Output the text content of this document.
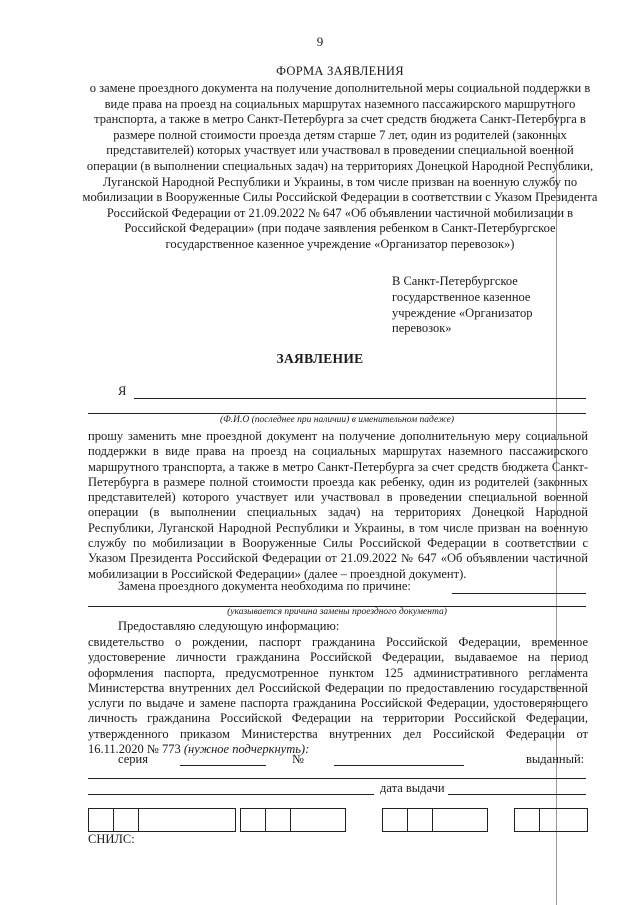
9
ФОРМА ЗАЯВЛЕНИЯ
о замене проездного документа на получение дополнительной меры социальной поддержки в виде права на проезд на социальных маршрутах наземного пассажирского маршрутного транспорта, а также в метро Санкт-Петербурга за счет средств бюджета Санкт-Петербурга в размере полной стоимости проезда детям старше 7 лет, один из родителей (законных представителей) которых участвует или участвовал в проведении специальной военной операции (в выполнении специальных задач) на территориях Донецкой Народной Республики, Луганской Народной Республики и Украины, в том числе призван на военную службу по мобилизации в Вооруженные Силы Российской Федерации в соответствии с Указом Президента Российской Федерации от 21.09.2022 № 647 «Об объявлении частичной мобилизации в Российской Федерации» (при подаче заявления ребенком в Санкт-Петербургское государственное казенное учреждение «Организатор перевозок»)
В Санкт-Петербургское государственное казенное учреждение «Организатор перевозок»
ЗАЯВЛЕНИЕ
Я
(Ф.И.О (последнее при наличии) в именительном падеже)
прошу заменить мне проездной документ на получение дополнительную меру социальной поддержки в виде права на проезд на социальных маршрутах наземного пассажирского маршрутного транспорта, а также в метро Санкт-Петербурга за счет средств бюджета Санкт-Петербурга в размере полной стоимости проезда как ребенку, один из родителей (законных представителей) которого участвует или участвовал в проведении специальной военной операции (в выполнении специальных задач) на территориях Донецкой Народной Республики, Луганской Народной Республики и Украины, в том числе призван на военную службу по мобилизации в Вооруженные Силы Российской Федерации в соответствии с Указом Президента Российской Федерации от 21.09.2022 № 647 «Об объявлении частичной мобилизации в Российской Федерации» (далее – проездной документ).
Замена проездного документа необходима по причине:
(указывается причина замены проездного документа)
Предоставляю следующую информацию:
свидетельство о рождении, паспорт гражданина Российской Федерации, временное удостоверение личности гражданина Российской Федерации, выдаваемое на период оформления паспорта, предусмотренное пунктом 125 административного регламента Министерства внутренних дел Российской Федерации по предоставлению государственной услуги по выдаче и замене паспорта гражданина Российской Федерации, удостоверяющего личность гражданина Российской Федерации на территории Российской Федерации, утвержденного приказом Министерства внутренних дел Российской Федерации от 16.11.2020 № 773 (нужное подчеркнуть):
серия	№	выданный:
дата выдачи
СНИЛС:
